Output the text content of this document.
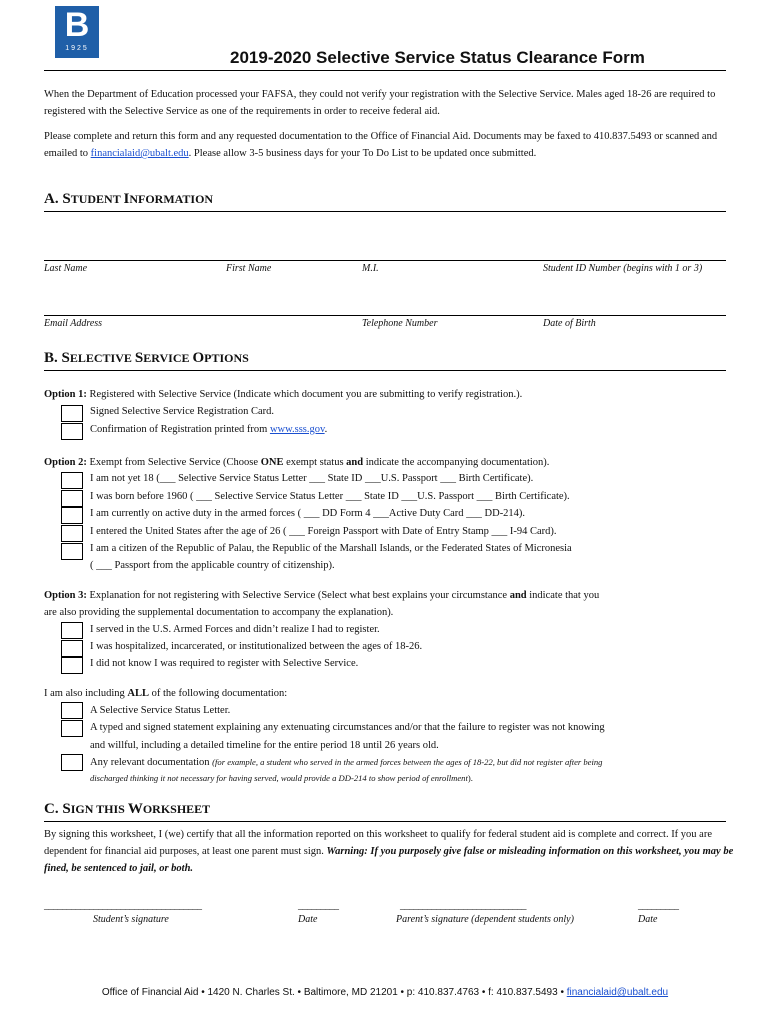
B
1925	2019-2020 Selective Service Status Clearance Form
When the Department of Education processed your FAFSA, they could not verify your registration with the Selective Service. Males aged 18-26 are required to registered with the Selective Service as one of the requirements in order to receive federal aid.
Please complete and return this form and any requested documentation to the Office of Financial Aid. Documents may be faxed to 410.837.5493 or scanned and emailed to financialaid@ubalt.edu. Please allow 3-5 business days for your To Do List to be updated once submitted.
A. STUDENT INFORMATION
Last Name	First Name	M.I.	Student ID Number (begins with 1 or 3)
Email Address	Telephone Number	Date of Birth
B. SELECTIVE SERVICE OPTIONS
Option 1: Registered with Selective Service (Indicate which document you are submitting to verify registration.).
Signed Selective Service Registration Card.
Confirmation of Registration printed from www.sss.gov.
Option 2: Exempt from Selective Service (Choose ONE exempt status and indicate the accompanying documentation).
I am not yet 18 (___ Selective Service Status Letter ___ State ID ___U.S. Passport ___ Birth Certificate).
I was born before 1960 ( ___ Selective Service Status Letter ___ State ID ___U.S. Passport ___ Birth Certificate).
I am currently on active duty in the armed forces ( ___ DD Form 4 ___Active Duty Card ___ DD-214).
I entered the United States after the age of 26 ( ___ Foreign Passport with Date of Entry Stamp ___ I-94 Card).
I am a citizen of the Republic of Palau, the Republic of the Marshall Islands, or the Federated States of Micronesia
( ___ Passport from the applicable country of citizenship).
Option 3: Explanation for not registering with Selective Service (Select what best explains your circumstance and indicate that you
are also providing the supplemental documentation to accompany the explanation).
I served in the U.S. Armed Forces and didn’t realize I had to register.
I was hospitalized, incarcerated, or institutionalized between the ages of 18-26.
I did not know I was required to register with Selective Service.
I am also including ALL of the following documentation:
A Selective Service Status Letter.
A typed and signed statement explaining any extenuating circumstances and/or that the failure to register was not knowing
and willful, including a detailed timeline for the entire period 18 until 26 years old.
Any relevant documentation (for example, a student who served in the armed forces between the ages of 18-22, but did not register after being
discharged thinking it not necessary for having served, would provide a DD-214 to show period of enrollment).
C. SIGN THIS WORKSHEET
By signing this worksheet, I (we) certify that all the information reported on this worksheet to qualify for federal student aid is complete and correct. If you are dependent for financial aid purposes, at least one parent must sign. Warning: If you purposely give false or misleading information on this worksheet, you may be fined, be sentenced to jail, or both.
___________________________________	_________	____________________________	_________
Student’s signature	Date	Parent’s signature (dependent students only)	Date
Office of Financial Aid • 1420 N. Charles St. • Baltimore, MD 21201 • p: 410.837.4763 • f: 410.837.5493 • financialaid@ubalt.edu
